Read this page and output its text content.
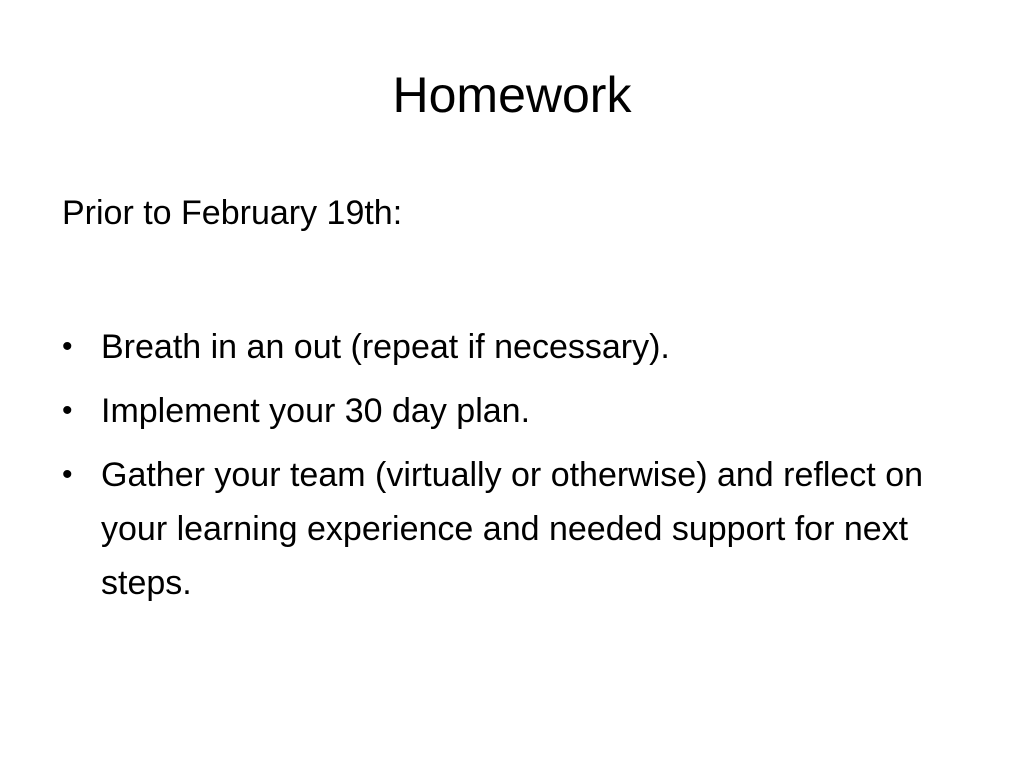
Homework

Prior to February 19th:

• Breath in an out (repeat if necessary).
• Implement your 30 day plan.
• Gather your team (virtually or otherwise) and reflect on your learning experience and needed support for next steps.
